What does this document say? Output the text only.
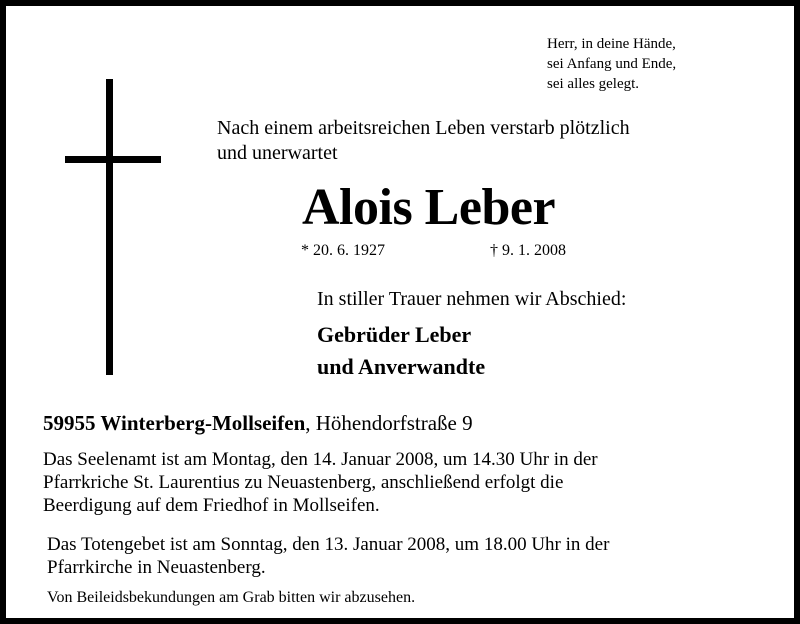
Herr, in deine Hände,
sei Anfang und Ende,
sei alles gelegt.
Nach einem arbeitsreichen Leben verstarb plötzlich
und unerwartet
Alois Leber
* 20. 6. 1927	† 9. 1. 2008
In stiller Trauer nehmen wir Abschied:
Gebrüder Leber
und Anverwandte
59955 Winterberg-Mollseifen, Höhendorfstraße 9
Das Seelenamt ist am Montag, den 14. Januar 2008, um 14.30 Uhr in der
Pfarrkriche St. Laurentius zu Neuastenberg, anschließend erfolgt die
Beerdigung auf dem Friedhof in Mollseifen.
Das Totengebet ist am Sonntag, den 13. Januar 2008, um 18.00 Uhr in der
Pfarrkirche in Neuastenberg.
Von Beileidsbekundungen am Grab bitten wir abzusehen.
